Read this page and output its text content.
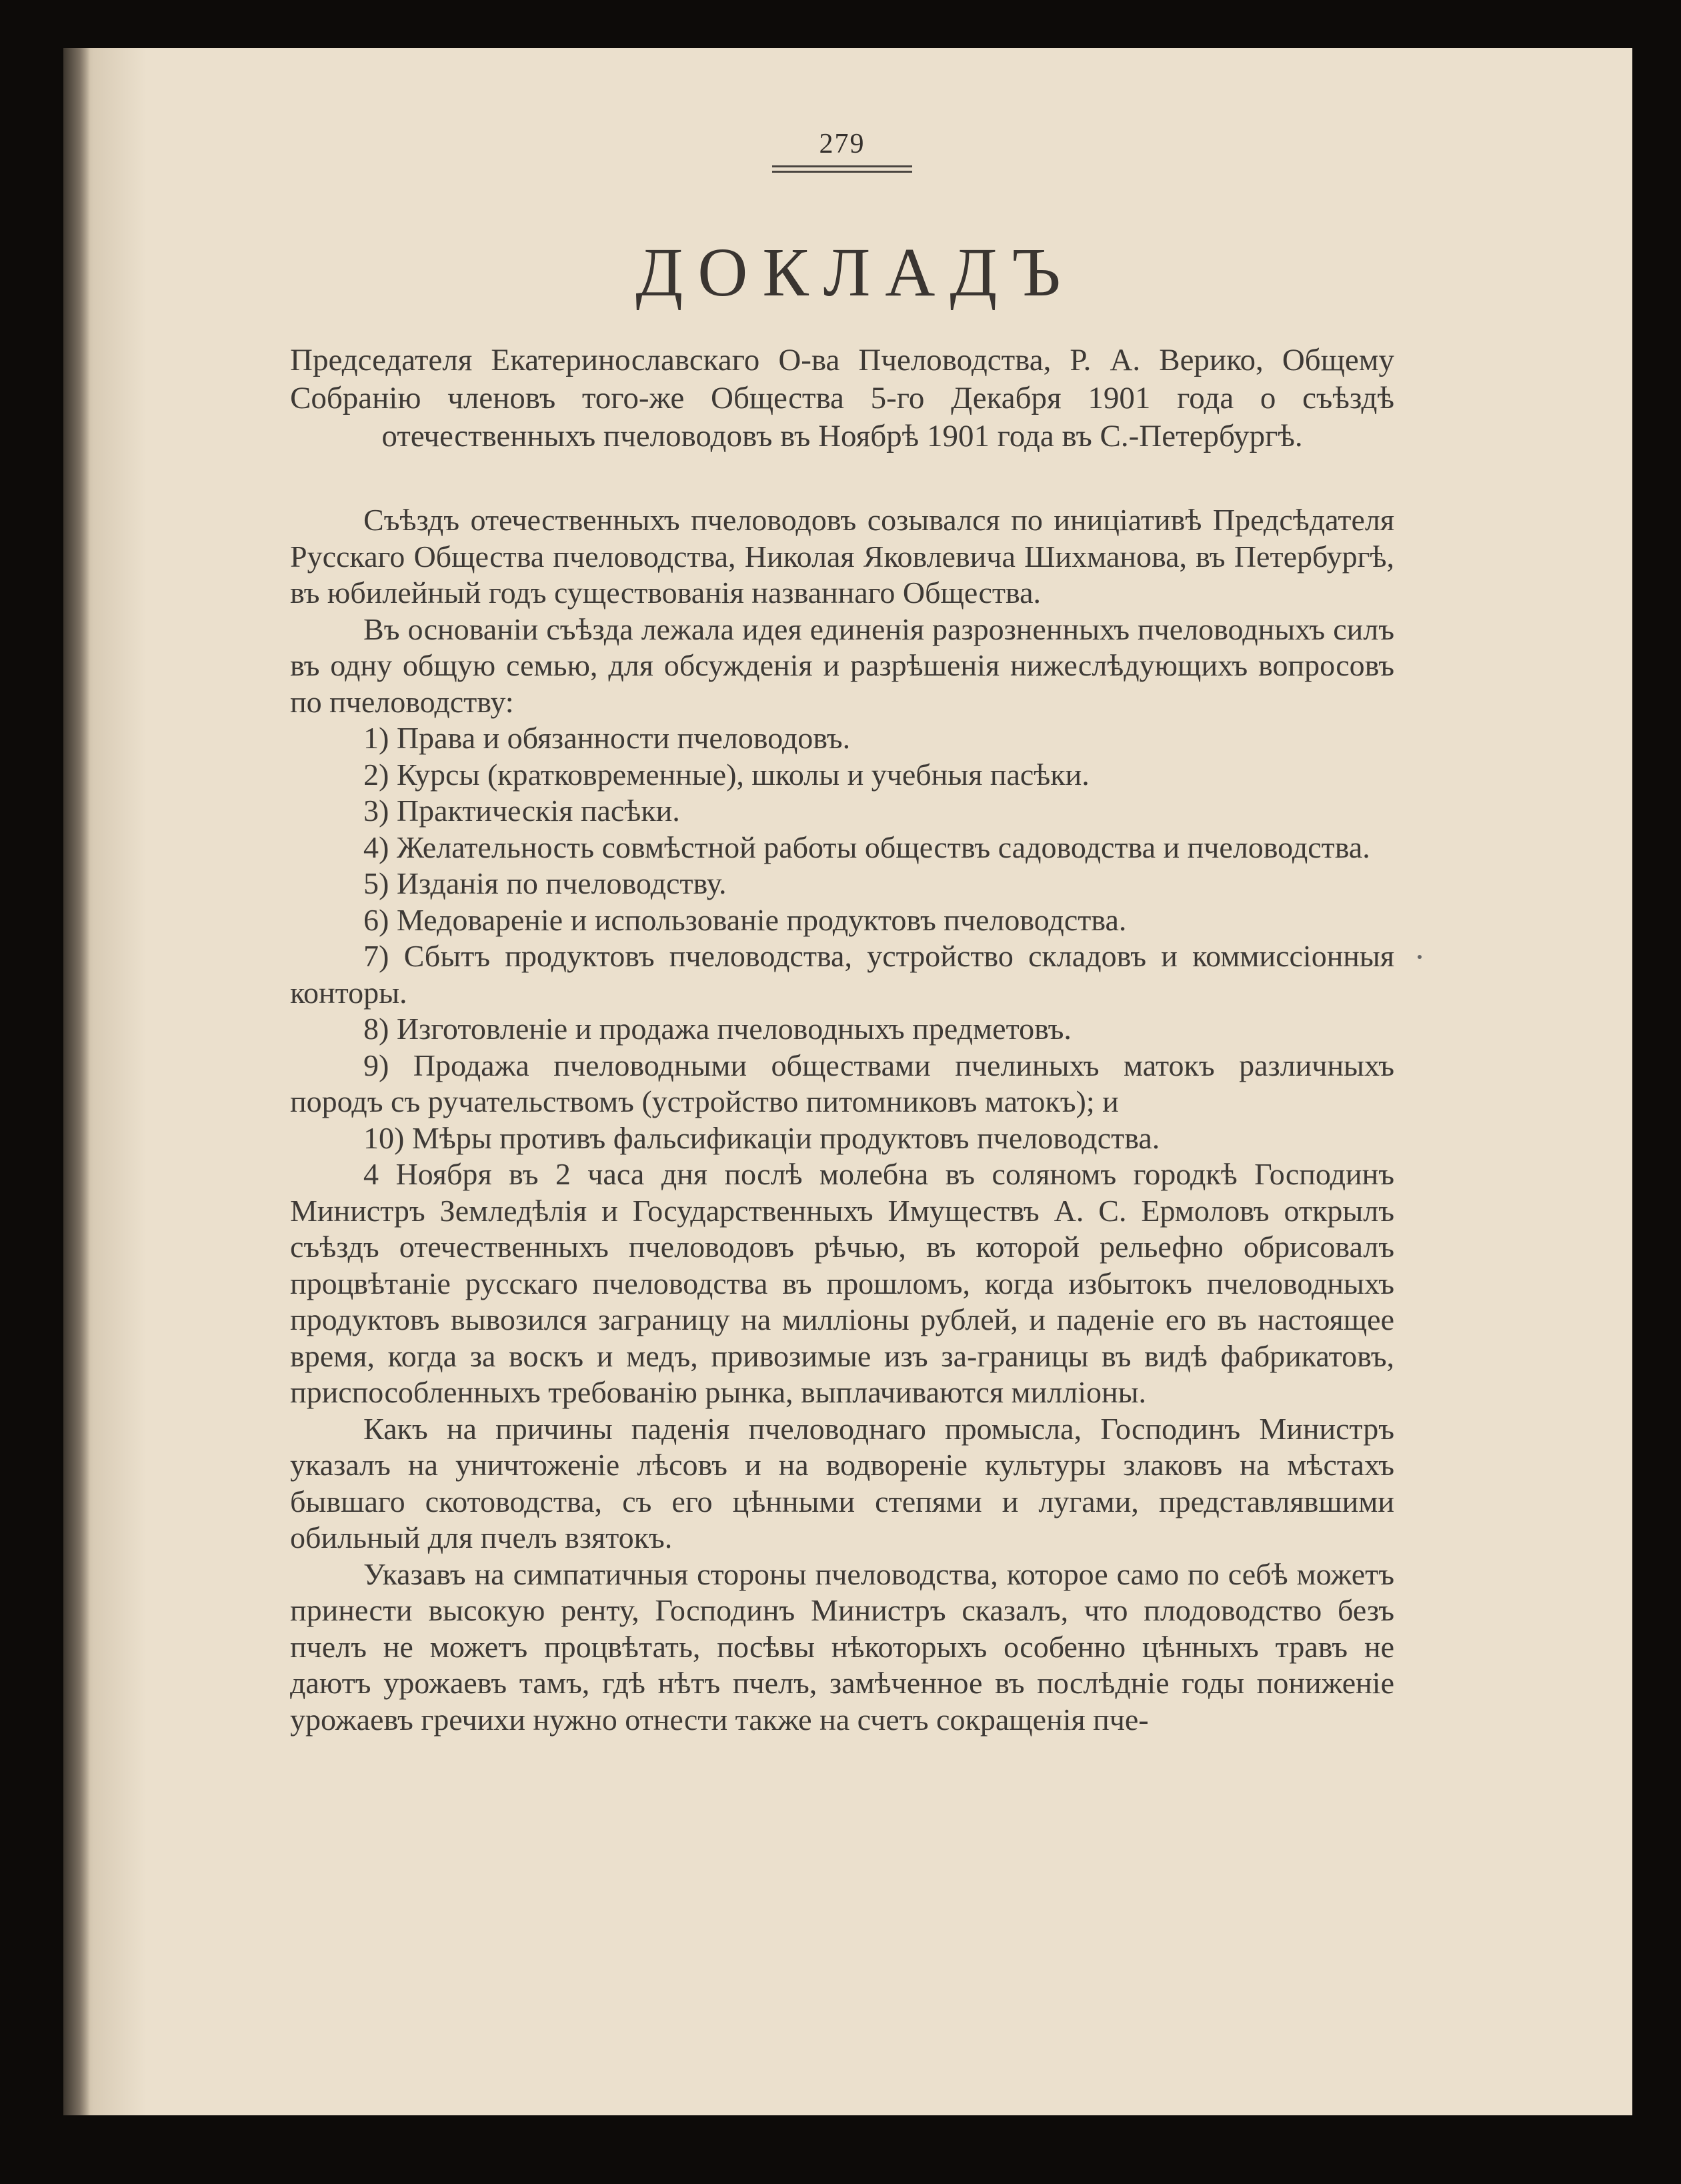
279
ДОКЛАДЪ
Председателя Екатеринославскаго О-ва Пчеловодства, Р. А. Верико, Общему Собранію членовъ того-же Общества 5-го Декабря 1901 года о съѣздѣ отечественныхъ пчеловодовъ въ Ноябрѣ 1901 года въ С.-Петербургѣ.

Съѣздъ отечественныхъ пчеловодовъ созывался по иниціативѣ Предсѣдателя Русскаго Общества пчеловодства, Николая Яковлевича Шихманова, въ Петербургѣ, въ юбилейный годъ существованія названнаго Общества.

Въ основаніи съѣзда лежала идея единенія разрозненныхъ пчеловодныхъ силъ въ одну общую семью, для обсужденія и разрѣшенія нижеслѣдующихъ вопросовъ по пчеловодству:

1) Права и обязанности пчеловодовъ.

2) Курсы (кратковременные), школы и учебныя пасѣки.

3) Практическія пасѣки.

4) Желательность совмѣстной работы обществъ садоводства и пчеловодства.

5) Изданія по пчеловодству.

6) Медовареніе и использованіе продуктовъ пчеловодства.

7) Сбытъ продуктовъ пчеловодства, устройство складовъ и коммиссіонныя конторы.

8) Изготовленіе и продажа пчеловодныхъ предметовъ.

9) Продажа пчеловодными обществами пчелиныхъ матокъ различныхъ породъ съ ручательствомъ (устройство питомниковъ матокъ); и

10) Мѣры противъ фальсификаціи продуктовъ пчеловодства.

4 Ноября въ 2 часа дня послѣ молебна въ соляномъ городкѣ Господинъ Министръ Земледѣлія и Государственныхъ Имуществъ А. С. Ермоловъ открылъ съѣздъ отечественныхъ пчеловодовъ рѣчью, въ которой рельефно обрисовалъ процвѣтаніе русскаго пчеловодства въ прошломъ, когда избытокъ пчеловодныхъ продуктовъ вывозился заграницу на милліоны рублей, и паденіе его въ настоящее время, когда за воскъ и медъ, привозимые изъ за-границы въ видѣ фабрикатовъ, приспособленныхъ требованію рынка, выплачиваются милліоны.

Какъ на причины паденія пчеловоднаго промысла, Господинъ Министръ указалъ на уничтоженіе лѣсовъ и на водвореніе культуры злаковъ на мѣстахъ бывшаго скотоводства, съ его цѣнными степями и лугами, представлявшими обильный для пчелъ взятокъ.

Указавъ на симпатичныя стороны пчеловодства, которое само по себѣ можетъ принести высокую ренту, Господинъ Министръ сказалъ, что плодоводство безъ пчелъ не можетъ процвѣтать, посѣвы нѣкоторыхъ особенно цѣнныхъ травъ не даютъ урожаевъ тамъ, гдѣ нѣтъ пчелъ, замѣченное въ послѣдніе годы пониженіе урожаевъ гречихи нужно отнести также на счетъ сокращенія пче-
